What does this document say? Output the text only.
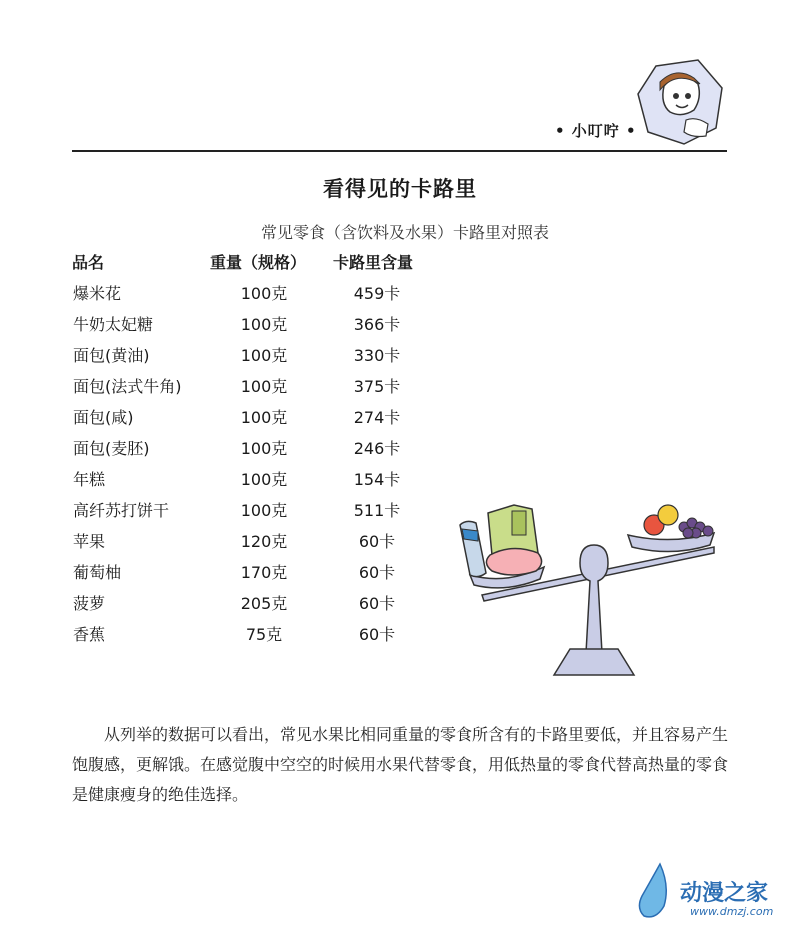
• 小叮咛 •
看得见的卡路里
常见零食（含饮料及水果）卡路里对照表
品名	重量（规格） 卡路里含量
爆米花	100克	459卡
牛奶太妃糖	100克	366卡
面包(黄油)	100克	330卡
面包(法式牛角)	100克	375卡
面包(咸)	100克	274卡
面包(麦胚)	100克	246卡
年糕	100克	154卡
高纤苏打饼干	100克	511卡
苹果	120克	60卡
葡萄柚	170克	60卡
菠萝	205克	60卡
香蕉	75克	60卡

从列举的数据可以看出，常见水果比相同重量的零食所含有的卡路里要低，并且容易产生饱腹感，更解饿。在感觉腹中空空的时候用水果代替零食，用低热量的零食代替高热量的零食是健康瘦身的绝佳选择。

动漫之家
www.dmzj.com
